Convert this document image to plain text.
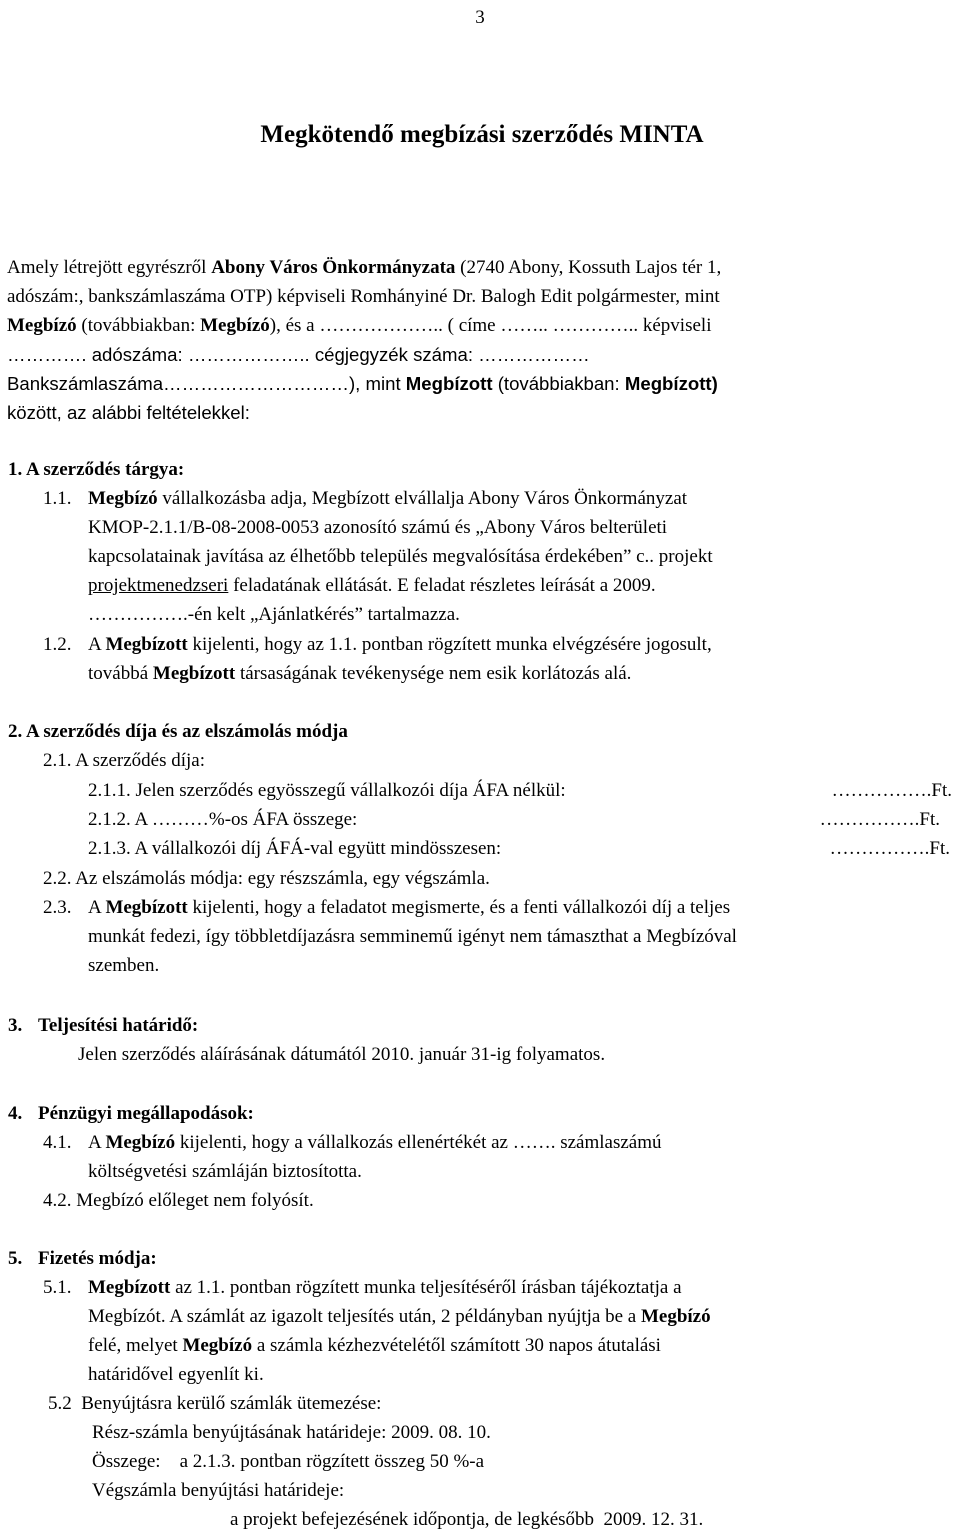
3
Megkötendő megbízási szerződés MINTA
Amely létrejött egyrészről Abony Város Önkormányzata (2740 Abony, Kossuth Lajos tér 1,
adószám:, bankszámlaszáma OTP) képviseli Romhányiné Dr. Balogh Edit polgármester, mint
Megbízó (továbbiakban: Megbízó), és a ……………….. ( címe …….. ………….. képviseli
…………. adószáma: ……………….. cégjegyzék száma: ………………
Bankszámlaszáma…………………………), mint Megbízott (továbbiakban: Megbízott)
között, az alábbi feltételekkel:
1. A szerződés tárgya:
1.1. Megbízó vállalkozásba adja, Megbízott elvállalja Abony Város Önkormányzat
KMOP-2.1.1/B-08-2008-0053 azonosító számú és „Abony Város belterületi
kapcsolatainak javítása az élhetőbb település megvalósítása érdekében” c.. projekt
projektmenedzseri feladatának ellátását. E feladat részletes leírását a 2009.
…………….-én kelt „Ajánlatkérés” tartalmazza.
1.2. A Megbízott kijelenti, hogy az 1.1. pontban rögzített munka elvégzésére jogosult,
továbbá Megbízott társaságának tevékenysége nem esik korlátozás alá.
2. A szerződés díja és az elszámolás módja
2.1. A szerződés díja:
2.1.1. Jelen szerződés egyösszegű vállalkozói díja ÁFA nélkül:	…………….Ft.
2.1.2. A ………%-os ÁFA összege:	…………….Ft.
2.1.3. A vállalkozói díj ÁFÁ-val együtt mindösszesen:	…………….Ft.
2.2. Az elszámolás módja: egy részszámla, egy végszámla.
2.3. A Megbízott kijelenti, hogy a feladatot megismerte, és a fenti vállalkozói díj a teljes
munkát fedezi, így többletdíjazásra semminemű igényt nem támaszthat a Megbízóval
szemben.
3. Teljesítési határidő:
Jelen szerződés aláírásának dátumától 2010. január 31-ig folyamatos.
4. Pénzügyi megállapodások:
4.1. A Megbízó kijelenti, hogy a vállalkozás ellenértékét az ……. számlaszámú
költségvetési számláján biztosította.
4.2. Megbízó előleget nem folyósít.
5. Fizetés módja:
5.1. Megbízott az 1.1. pontban rögzített munka teljesítéséről írásban tájékoztatja a
Megbízót. A számlát az igazolt teljesítés után, 2 példányban nyújtja be a Megbízó
felé, melyet Megbízó a számla kézhezvételétől számított 30 napos átutalási
határidővel egyenlít ki.
5.2  Benyújtásra kerülő számlák ütemezése:
Rész-számla benyújtásának határideje: 2009. 08. 10.
Összege:    a 2.1.3. pontban rögzített összeg 50 %-a
Végszámla benyújtási határideje:
a projekt befejezésének időpontja, de legkésőbb  2009. 12. 31.
